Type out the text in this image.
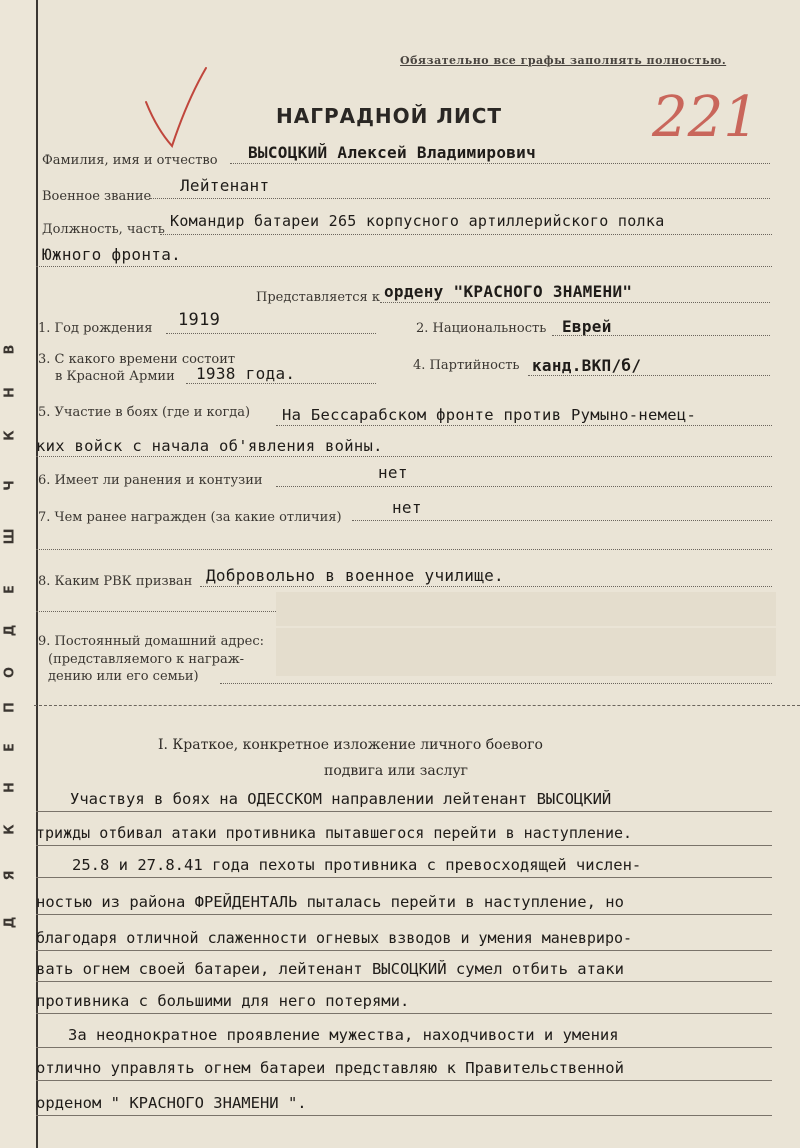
В
Н
К
Ч
Ш
Е
Д
О
П
Е
Н
К
Я
Д
Обязательно все графы заполнять полностью.
НАГРАДНОЙ ЛИСТ	221
Фамилия, имя и отчество ВЫСОЦКИЙ Алексей Владимирович
Военное звание
Лейтенант
Должность, часть Командир батареи 265 корпусного артиллерийского полка
Южного фронта.
Представляется к ордену "КРАСНОГО ЗНАМЕНИ"
1. Год рождения 1919	2. Национальность Еврей
3. С какого времени состоит
в Красной Армии 1938 года.	4. Партийность канд.ВКП/б/
5. Участие в боях (где и когда) На Бессарабском фронте против Румыно-немец-
ких войск с начала об'явления войны.
6. Имеет ли ранения и контузии	нет
7. Чем ранее награжден (за какие отличия)
нет
8. Каким РВК призван Добровольно в военное училище.
9. Постоянный домашний адрес:
(представляемого к награж-
дению или его семьи)
I. Краткое, конкретное изложение личного боевого
подвига или заслуг
Участвуя в боях на ОДЕССКОМ направлении лейтенант ВЫСОЦКИЙ
трижды отбивал атаки противника пытавшегося перейти в наступление.
25.8 и 27.8.41 года пехоты противника с превосходящей числен-
ностью из района ФРЕЙДЕНТАЛЬ пыталась перейти в наступление, но
благодаря отличной слаженности огневых взводов и умения маневриро-
вать огнем своей батареи, лейтенант ВЫСОЦКИЙ сумел отбить атаки
противника с большими для него потерями.
За неоднократное проявление мужества, находчивости и умения
отлично управлять огнем батареи представляю к Правительственной
орденом " КРАСНОГО ЗНАМЕНИ ".
